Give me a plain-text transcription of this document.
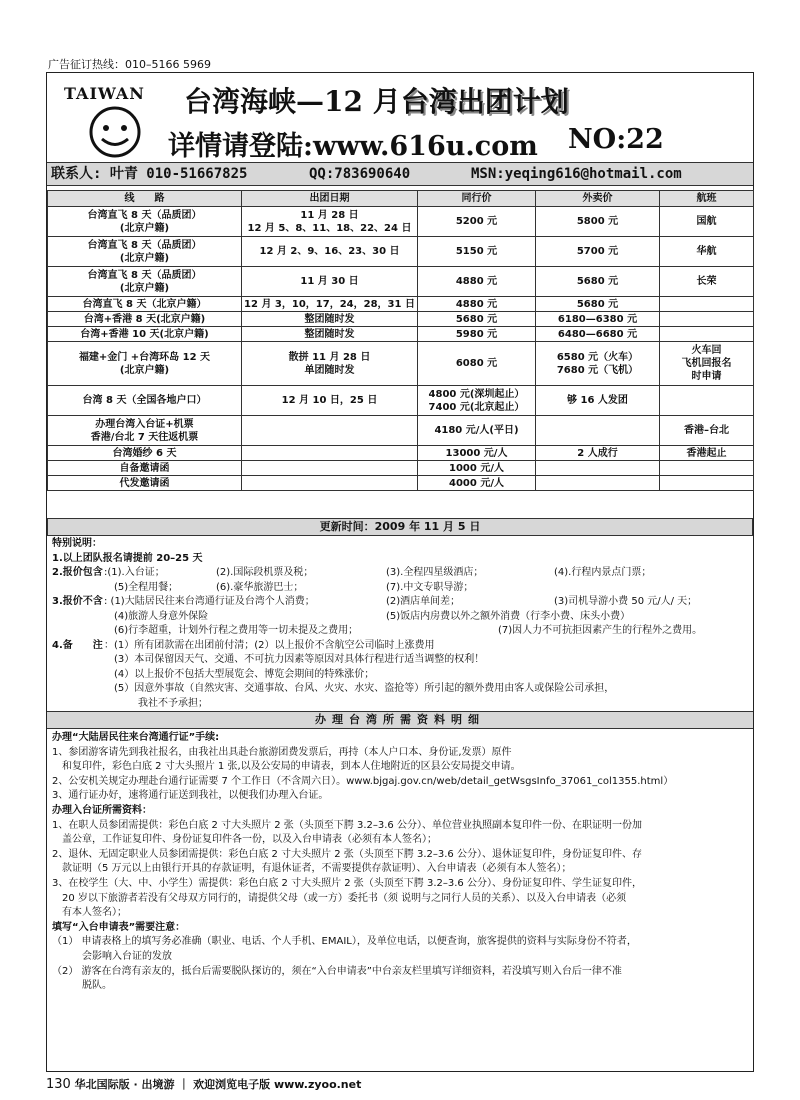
广告征订热线：010–5166 5969
TAIWAN 台湾海峡—12 月台湾出团计划
详情请登陆:www.616u.com NO:22
联系人: 叶青 010-51667825	QQ:783690640	MSN:yeqing616@hotmail.com
线　　路	出团日期	同行价	外卖价	航班
台湾直飞 8 天（品质团）
(北京户籍)	11 月 28 日
12 月 5、8、11、18、22、24 日	5200 元	5800 元	国航
台湾直飞 8 天（品质团）
(北京户籍)	12 月 2、9、16、23、30 日	5150 元	5700 元	华航
台湾直飞 8 天（品质团）
(北京户籍)	11 月 30 日	4880 元	5680 元	长荣
台湾直飞 8 天（北京户籍）	12 月 3，10，17，24，28，31 日	4880 元	5680 元	
台湾+香港 8 天(北京户籍)	整团随时发	5680 元	6180—6380 元	
台湾+香港 10 天(北京户籍)	整团随时发	5980 元	6480—6680 元	
福建+金门 +台湾环岛 12 天
(北京户籍)	散拼 11 月 28 日
单团随时发	6080 元	6580 元（火车）
7680 元（飞机）	火车回
飞机回报名
时申请
台湾 8 天（全国各地户口）	12 月 10 日，25 日	4800 元(深圳起止）
7400 元(北京起止）	够 16 人发团	
办理台湾入台证+机票
香港/台北 7 天往返机票		4180 元/人(平日)		香港–台北
台湾婚纱 6 天		13000 元/人	2 人成行	香港起止
自备邀请函		1000 元/人		
代发邀请函		4000 元/人		
更新时间：2009 年 11 月 5 日
特别说明：
1.以上团队报名请提前 20–25 天
2.报价包含 :(1).入台证；	(2).国际段机票及税；	(3).全程四星级酒店；	(4).行程内景点门票；
(5)全程用餐；	(6).豪华旅游巴士；	(7).中文专职导游；
3.报价不含 : (1)大陆居民往来台湾通行证及台湾个人消费；	(2)酒店单间差；	(3)司机导游小费 50 元/人/ 天；
(4)旅游人身意外保险	(5)饭店内房费以外之额外消费（行李小费、床头小费）
(6)行李超重，计划外行程之费用等一切未提及之费用；	(7)因人力不可抗拒因素产生的行程外之费用。
4.备　　注 ：(1）所有团款需在出团前付清；(2）以上报价不含航空公司临时上涨费用
(3）本司保留因天气、交通、不可抗力因素等原因对具体行程进行适当调整的权利！
(4）以上报价不包括大型展览会、博览会期间的特殊涨价；
(5）因意外事故（自然灾害、交通事故、台风、火灾、水灾、盗抢等）所引起的额外费用由客人或保险公司承担，
我社不予承担；
办理台湾所需资料明细
办理“大陆居民往来台湾通行证”手续:
1、参团游客请先到我社报名，由我社出具赴台旅游团费发票后，再持（本人户口本、身份证,发票）原件
　和复印件，彩色白底 2 寸大头照片 1 张,以及公安局的申请表，到本人住地附近的区县公安局提交申请。
2、公安机关规定办理赴台通行证需要 7 个工作日（不含周六日）。www.bjgaj.gov.cn/web/detail_getWsgsInfo_37061_col1355.html）
3、通行证办好，速将通行证送到我社，以便我们办理入台证。
办理入台证所需资料：
1、在职人员参团需提供：彩色白底 2 寸大头照片 2 张（头顶至下腭 3.2–3.6 公分）、单位营业执照副本复印件一份、在职证明一份加
　盖公章，工作证复印件、身份证复印件各一份，以及入台申请表（必须有本人签名）；
2、退休、无固定职业人员参团需提供：彩色白底 2 寸大头照片 2 张（头顶至下腭 3.2–3.6 公分）、退休证复印件，身份证复印件、存
　款证明（5 万元以上由银行开具的存款证明，有退休证者，不需要提供存款证明）、入台申请表（必须有本人签名）；
3、在校学生（大、中、小学生）需提供：彩色白底 2 寸大头照片 2 张（头顶至下腭 3.2–3.6 公分）、身份证复印件、学生证复印件，
　20 岁以下旅游者若没有父母双方同行的，请提供父母（或一方）委托书（须 说明与之同行人员的关系）、以及入台申请表（必须
　有本人签名）；
填写“入台申请表”需要注意：
（1） 申请表格上的填写务必准确（职业、电话、个人手机、EMAIL），及单位电话，以便查询，旅客提供的资料与实际身份不符者，
　　　会影响入台证的发放
（2） 游客在台湾有亲友的，抵台后需要脱队探访的，须在“入台申请表”中台亲友栏里填写详细资料，若没填写则入台后一律不准
　　　脱队。
130 华北国际版 · 出境游 ｜ 欢迎浏览电子版 www.zyoo.net
